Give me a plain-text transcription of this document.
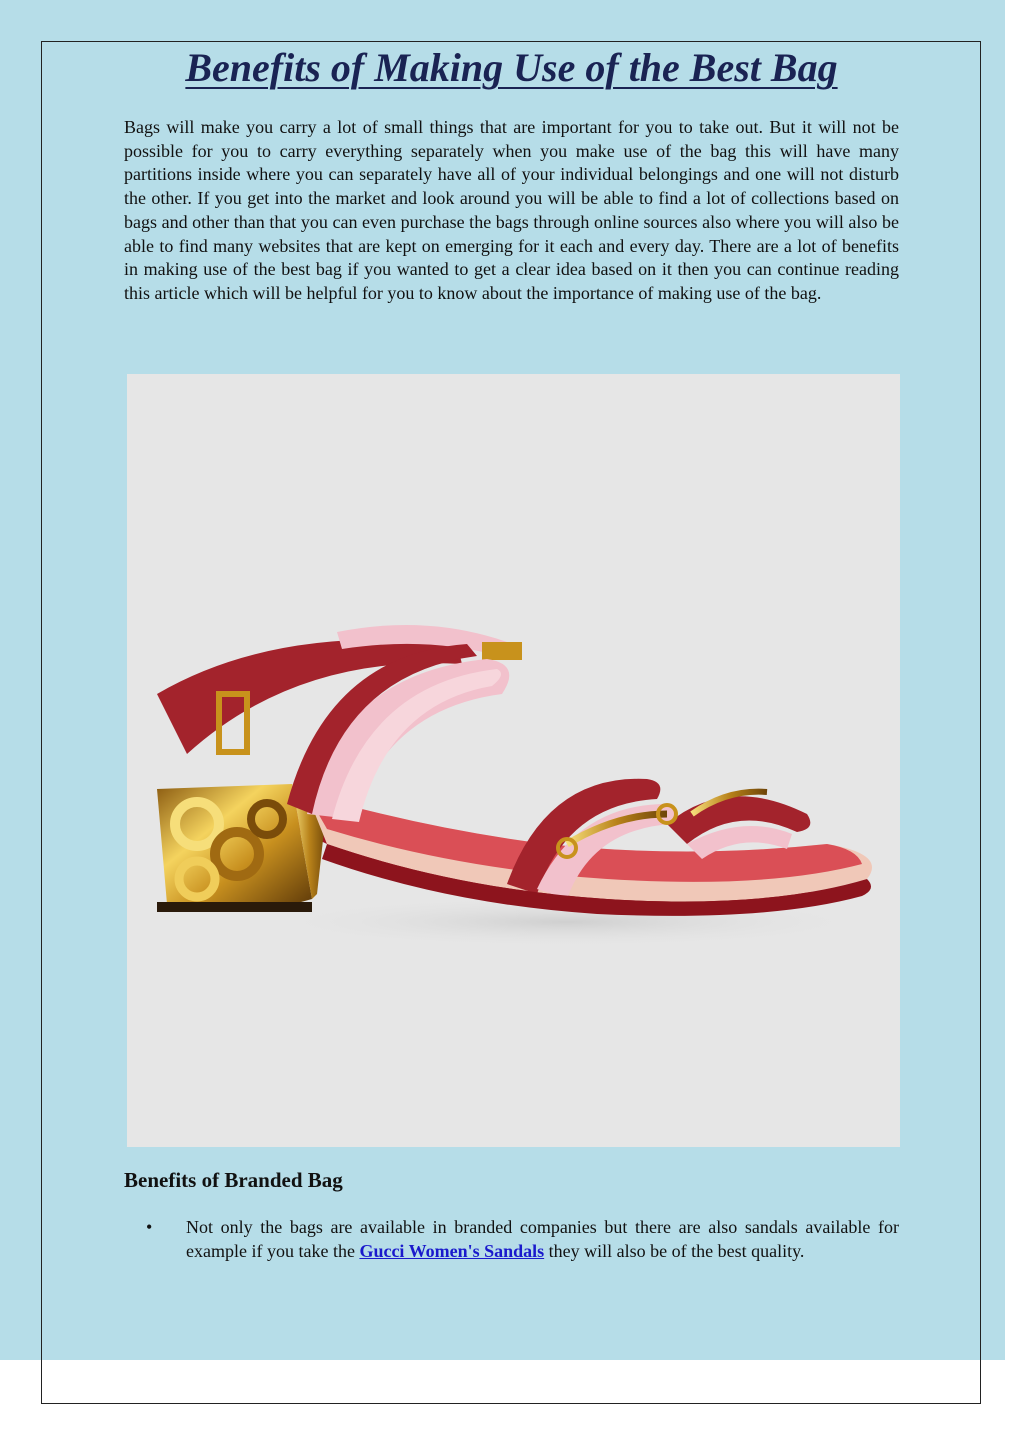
Benefits of Making Use of the Best Bag

Bags will make you carry a lot of small things that are important for you to take out. But it will not be possible for you to carry everything separately when you make use of the bag this will have many partitions inside where you can separately have all of your individual belongings and one will not disturb the other. If you get into the market and look around you will be able to find a lot of collections based on bags and other than that you can even purchase the bags through online sources also where you will also be able to find many websites that are kept on emerging for it each and every day. There are a lot of benefits in making use of the best bag if you wanted to get a clear idea based on it then you can continue reading this article which will be helpful for you to know about the importance of making use of the bag.

Benefits of Branded Bag
• Not only the bags are available in branded companies but there are also sandals available for example if you take the Gucci Women's Sandals they will also be of the best quality.
